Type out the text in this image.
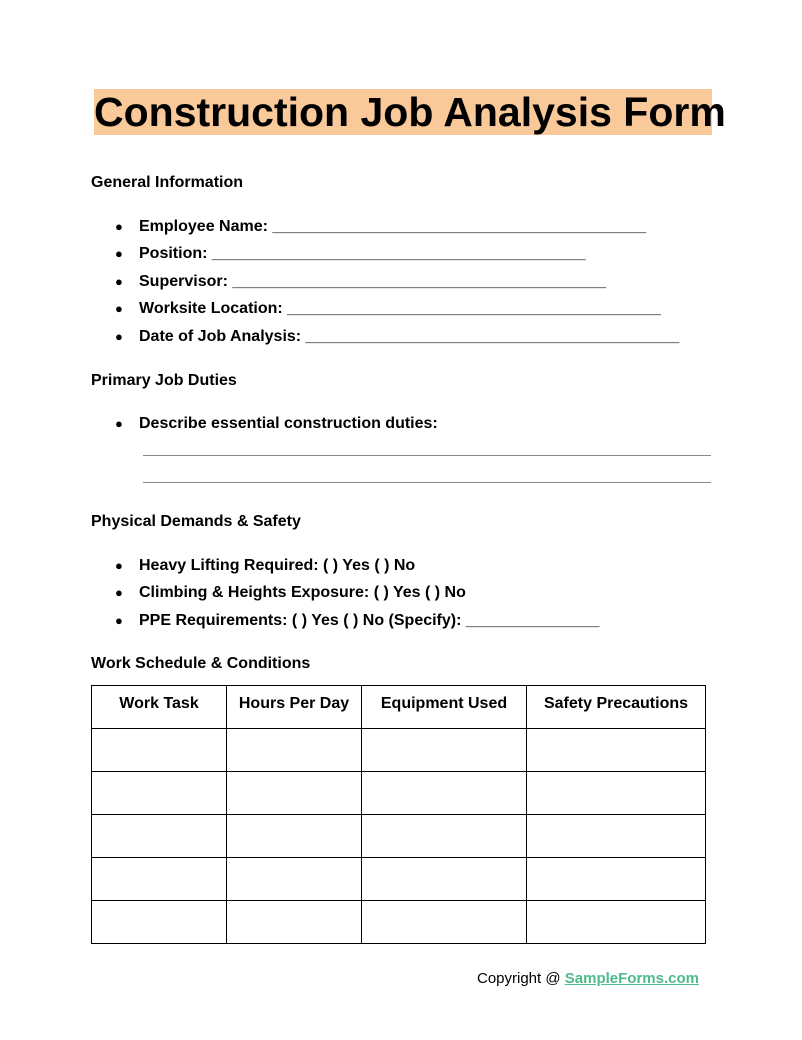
Construction Job Analysis Form
General Information
● Employee Name: __________________________________________
● Position: __________________________________________
● Supervisor: __________________________________________
● Worksite Location: __________________________________________
● Date of Job Analysis: __________________________________________
Primary Job Duties
● Describe essential construction duties:
Physical Demands & Safety
● Heavy Lifting Required: ( ) Yes ( ) No
● Climbing & Heights Exposure: ( ) Yes ( ) No
● PPE Requirements: ( ) Yes ( ) No (Specify): _______________
Work Schedule & Conditions
Work Task	Hours Per Day	Equipment Used	Safety Precautions

Copyright @ SampleForms.com
